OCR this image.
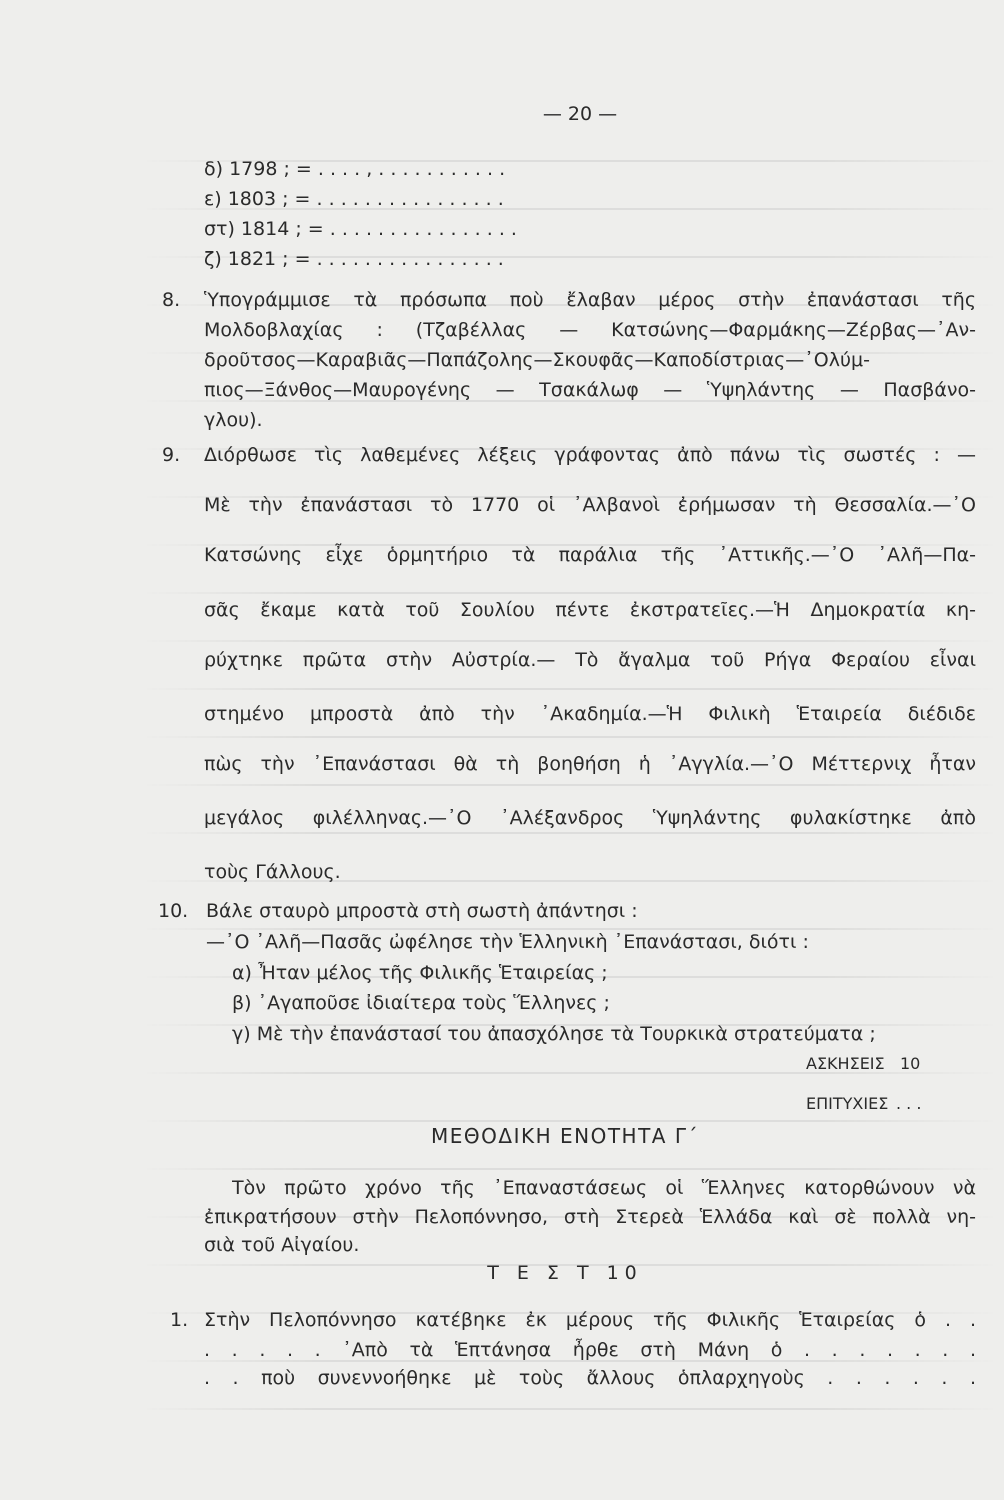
— 20 —
δ) 1798 ; = . . . . , . . . . . . . . . . .
ε) 1803 ; = . . . . . . . . . . . . . . . .
στ) 1814 ; = . . . . . . . . . . . . . . . .
ζ) 1821 ; = . . . . . . . . . . . . . . . .
8. Ὑπογράμμισε τὰ πρόσωπα ποὺ ἔλαβαν μέρος στὴν ἐπανάστασι τῆς
Μολδοβλαχίας : (Τζαβέλλας — Κατσώνης—Φαρμάκης—Ζέρβας—᾿Αν-
δροῦτσος—Καραβιᾶς—Παπάζολης—Σκουφᾶς—Καποδίστριας—᾿Ολύμ-
πιος—Ξάνθος—Μαυρογένης — Τσακάλωφ — Ὑψηλάντης — Πασβάνο-
γλου).
9. Διόρθωσε τὶς λαθεμένες λέξεις γράφοντας ἀπὸ πάνω τὶς σωστές : —
Μὲ τὴν ἐπανάστασι τὸ 1770 οἱ ᾿Αλβανοὶ ἐρήμωσαν τὴ Θεσσαλία.—᾿Ο
Κατσώνης εἶχε ὁρμητήριο τὰ παράλια τῆς ᾿Αττικῆς.—᾿Ο ᾿Αλῆ—Πα-
σᾶς ἔκαμε κατὰ τοῦ Σουλίου πέντε ἐκστρατεῖες.—Ἡ Δημοκρατία κη-
ρύχτηκε πρῶτα στὴν Αὐστρία.— Τὸ ἄγαλμα τοῦ Ρήγα Φεραίου εἶναι
στημένο μπροστὰ ἀπὸ τὴν ᾿Ακαδημία.—Ἡ Φιλικὴ Ἑταιρεία διέδιδε
πὼς τὴν ᾿Επανάστασι θὰ τὴ βοηθήση ἡ ᾿Αγγλία.—᾿Ο Μέττερνιχ ἦταν
μεγάλος φιλέλληνας.—᾿Ο ᾿Αλέξανδρος Ὑψηλάντης φυλακίστηκε ἀπὸ
τοὺς Γάλλους.
10. Βάλε σταυρὸ μπροστὰ στὴ σωστὴ ἀπάντησι :
—᾿Ο ᾿Αλῆ—Πασᾶς ὠφέλησε τὴν Ἑλληνικὴ ᾿Επανάστασι, διότι :
α) Ἦταν μέλος τῆς Φιλικῆς Ἑταιρείας ;
β) ᾿Αγαποῦσε ἰδιαίτερα τοὺς Ἕλληνες ;
γ) Μὲ τὴν ἐπανάστασί του ἀπασχόλησε τὰ Τουρκικὰ στρατεύματα ;
ΑΣΚΗΣΕΙΣ 10
ΕΠΙΤΥΧΙΕΣ . . .
ΜΕΘΟΔΙΚΗ ΕΝΟΤΗΤΑ Γ΄
Τὸν πρῶτο χρόνο τῆς ᾿Επαναστάσεως οἱ Ἕλληνες κατορθώνουν νὰ
ἐπικρατήσουν στὴν Πελοπόννησο, στὴ Στερεὰ Ἑλλάδα καὶ σὲ πολλὰ νη-
σιὰ τοῦ Αἰγαίου.
Τ Ε Σ Τ 10
1. Στὴν Πελοπόννησο κατέβηκε ἐκ μέρους τῆς Φιλικῆς Ἑταιρείας ὁ . .
. . . . . ᾿Απὸ τὰ Ἑπτάνησα ἦρθε στὴ Μάνη ὁ . . . . . . .
. . ποὺ συνεννοήθηκε μὲ τοὺς ἄλλους ὁπλαρχηγοὺς . . . . . .
